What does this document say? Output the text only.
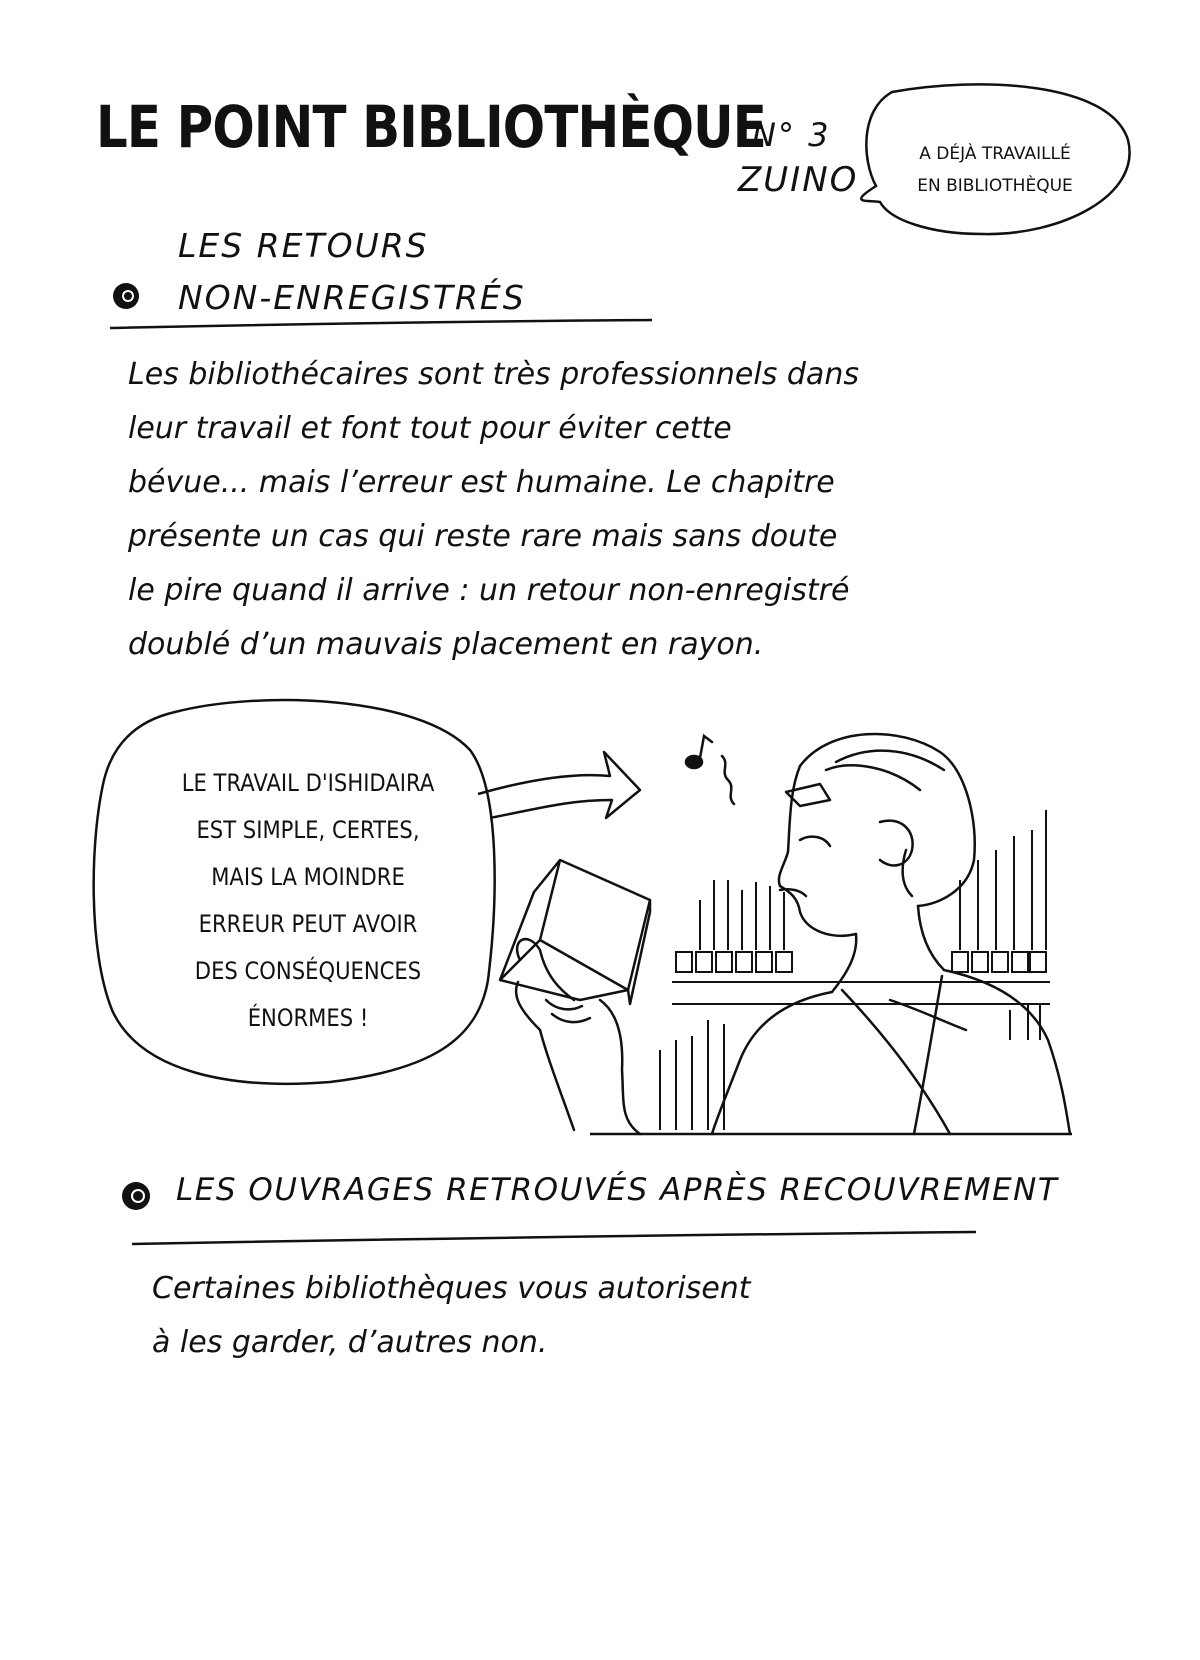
LE POINT BIBLIOTHÈQUE
N° 3
ZUINO
A DÉJÀ TRAVAILLÉ
EN BIBLIOTHÈQUE
LES RETOURS
NON-ENREGISTRÉS
Les bibliothécaires sont très professionnels dans
leur travail et font tout pour éviter cette
bévue... mais l’erreur est humaine. Le chapitre
présente un cas qui reste rare mais sans doute
le pire quand il arrive : un retour non-enregistré
doublé d’un mauvais placement en rayon.
LE TRAVAIL D'ISHIDAIRA
EST SIMPLE, CERTES,
MAIS LA MOINDRE
ERREUR PEUT AVOIR
DES CONSÉQUENCES
ÉNORMES !
LES OUVRAGES RETROUVÉS APRÈS RECOUVREMENT
Certaines bibliothèques vous autorisent
à les garder, d’autres non.
